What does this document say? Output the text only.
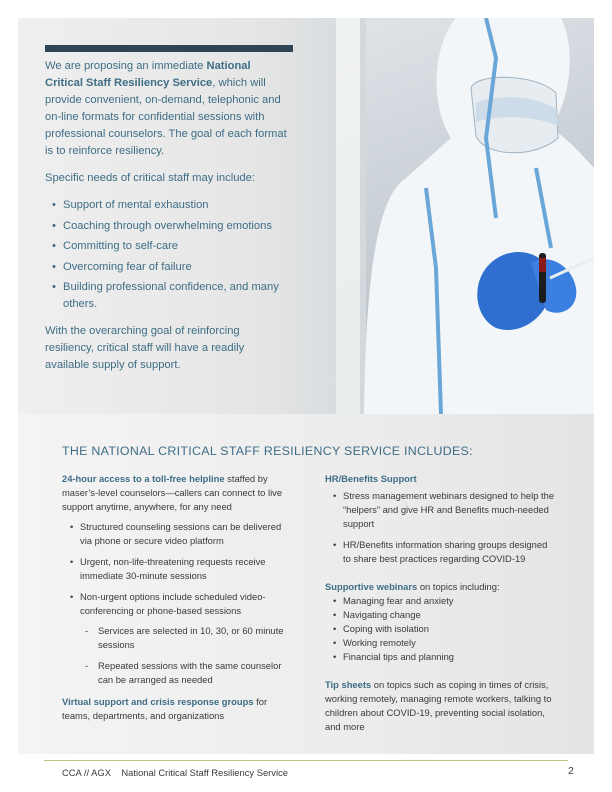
We are proposing an immediate National Critical Staff Resiliency Service, which will provide convenient, on-demand, telephonic and on-line formats for confidential sessions with professional counselors. The goal of each format is to reinforce resiliency.

Specific needs of critical staff may include:

• Support of mental exhaustion
• Coaching through overwhelming emotions
• Committing to self-care
• Overcoming fear of failure
• Building professional confidence, and many others.

With the overarching goal of reinforcing resiliency, critical staff will have a readily available supply of support.

THE NATIONAL CRITICAL STAFF RESILIENCY SERVICE INCLUDES:

24-hour access to a toll-free helpline staffed by maser’s-level counselors—callers can connect to live support anytime, anywhere, for any need

• Structured counseling sessions can be delivered via phone or secure video platform
• Urgent, non-life-threatening requests receive immediate 30-minute sessions
• Non-urgent options include scheduled video-conferencing or phone-based sessions
- Services are selected in 10, 30, or 60 minute sessions
- Repeated sessions with the same counselor can be arranged as needed

Virtual support and crisis response groups for teams, departments, and organizations

HR/Benefits Support

• Stress management webinars designed to help the “helpers” and give HR and Benefits much-needed support
• HR/Benefits information sharing groups designed to share best practices regarding COVID-19

Supportive webinars on topics including:

• Managing fear and anxiety
• Navigating change
• Coping with isolation
• Working remotely
• Financial tips and planning

Tip sheets on topics such as coping in times of crisis, working remotely, managing remote workers, talking to children about COVID-19, preventing social isolation, and more

CCA // AGX    National Critical Staff Resiliency Service	2
